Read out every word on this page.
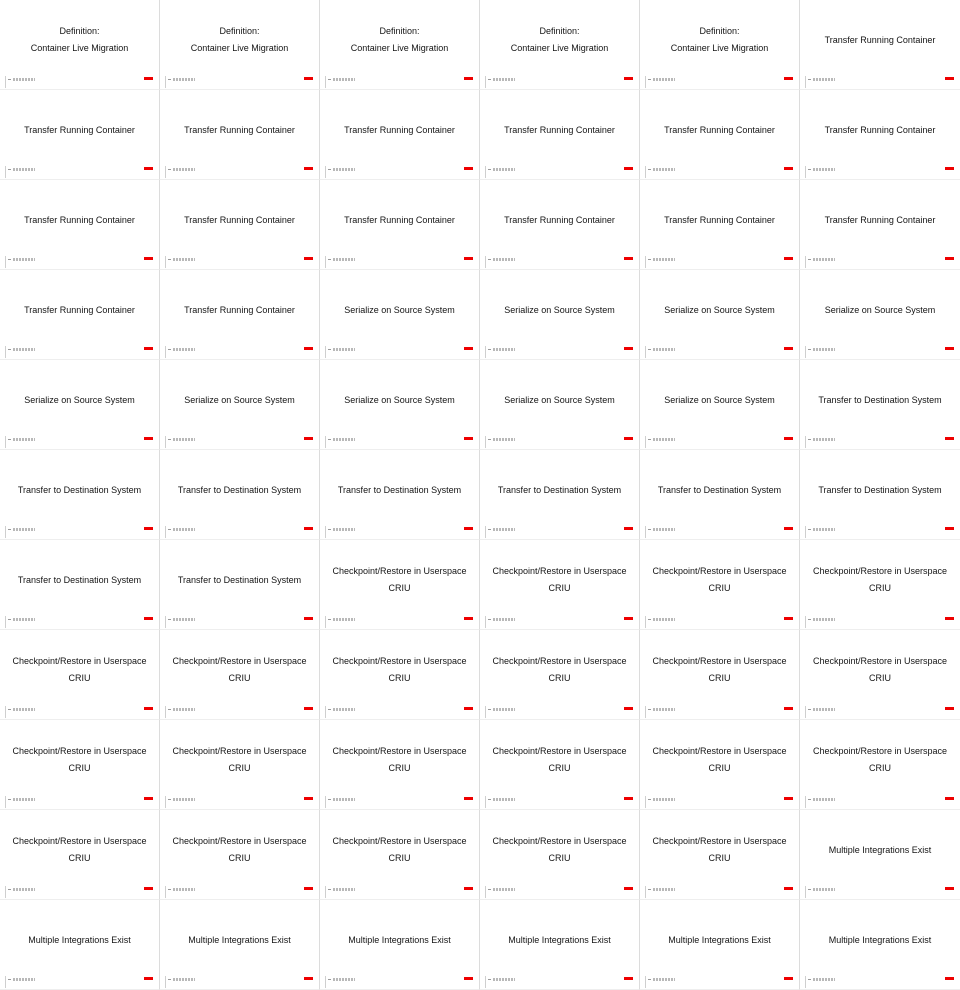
Definition:
Container Live Migration
Definition:
Container Live Migration
Definition:
Container Live Migration
Definition:
Container Live Migration
Definition:
Container Live Migration
Transfer Running Container
Transfer Running Container	Transfer Running Container	Transfer Running Container	Transfer Running Container	Transfer Running Container	Transfer Running Container
Transfer Running Container	Transfer Running Container	Transfer Running Container	Transfer Running Container	Transfer Running Container	Transfer Running Container
Transfer Running Container	Transfer Running Container	Serialize on Source System	Serialize on Source System	Serialize on Source System	Serialize on Source System
Serialize on Source System	Serialize on Source System	Serialize on Source System	Serialize on Source System	Serialize on Source System	Transfer to Destination System
Transfer to Destination System	Transfer to Destination System	Transfer to Destination System	Transfer to Destination System	Transfer to Destination System	Transfer to Destination System
Transfer to Destination System	Transfer to Destination System
Checkpoint/Restore in Userspace
CRIU
Checkpoint/Restore in Userspace
CRIU
Checkpoint/Restore in Userspace
CRIU
Checkpoint/Restore in Userspace
CRIU
Checkpoint/Restore in Userspace
CRIU
Checkpoint/Restore in Userspace
CRIU
Checkpoint/Restore in Userspace
CRIU
Checkpoint/Restore in Userspace
CRIU
Checkpoint/Restore in Userspace
CRIU
Checkpoint/Restore in Userspace
CRIU
Checkpoint/Restore in Userspace
CRIU
Checkpoint/Restore in Userspace
CRIU
Checkpoint/Restore in Userspace
CRIU
Checkpoint/Restore in Userspace
CRIU
Checkpoint/Restore in Userspace
CRIU
Checkpoint/Restore in Userspace
CRIU
Checkpoint/Restore in Userspace
CRIU
Checkpoint/Restore in Userspace
CRIU
Checkpoint/Restore in Userspace
CRIU
Checkpoint/Restore in Userspace
CRIU
Checkpoint/Restore in Userspace
CRIU
Multiple Integrations Exist
Multiple Integrations Exist	Multiple Integrations Exist	Multiple Integrations Exist	Multiple Integrations Exist	Multiple Integrations Exist	Multiple Integrations Exist
